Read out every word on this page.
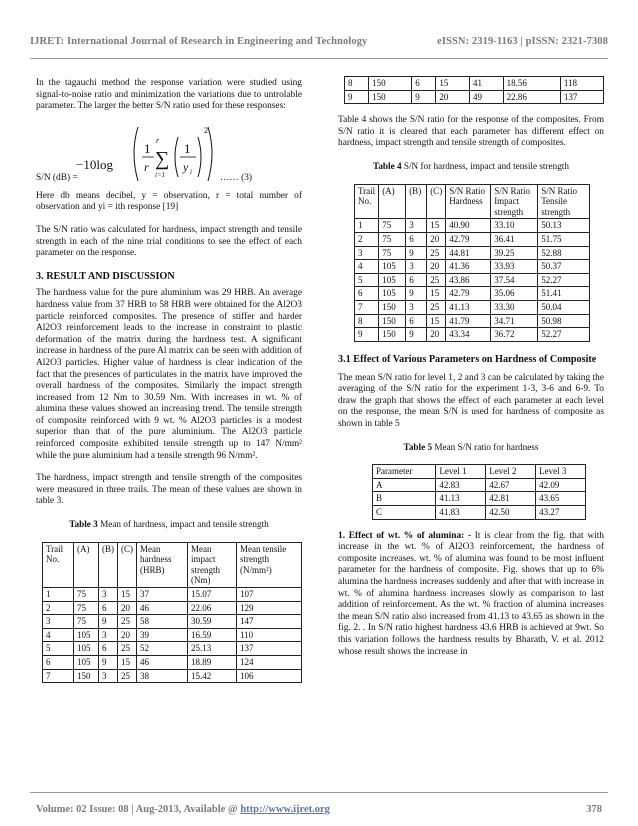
IJRET: International Journal of Research in Engineering and Technology	eISSN: 2319-1163 | pISSN: 2321-7308

In the tagauchi method the response variation were studied using signal-to-noise ratio and minimization the variations due to untrolable parameter. The larger the better S/N ratio used for these responses:

−10log
1
r
r
∑
i=1
1
y i
2
S/N (dB) =	…… (3)

Here db means decibel, y = observation, r = total number of observation and yi = ith response [19]

The S/N ratio was calculated for hardness, impact strength and tensile strength in each of the nine trial conditions to see the effect of each parameter on the response.

3. RESULT AND DISCUSSION

The hardness value for the pure aluminium was 29 HRB. An average hardness value from 37 HRB to 58 HRB were obtained for the Al2O3 particle reinforced composites. The presence of stiffer and harder Al2O3 reinforcement leads to the increase in constraint to plastic deformation of the matrix during the hardness test. A significant increase in hardness of the pure Al matrix can be seen with addition of Al2O3 particles. Higher value of hardness is clear indication of the fact that the presences of particulates in the matrix have improved the overall hardness of the composites. Similarly the impact strength increased from 12 Nm to 30.59 Nm. With increases in wt. % of alumina these values showed an increasing trend. The tensile strength of composite reinforced with 9 wt. % Al2O3 particles is a modest superior than that of the pure aluminium. The Al2O3 particle reinforced composite exhibited tensile strength up to 147 N/mm² while the pure aluminium had a tensile strength 96 N/mm².

The hardness, impact strength and tensile strength of the composites were measured in three trails. The mean of these values are shown in table 3.

Table 3 Mean of hardness, impact and tensile strength

Trail No.	(A)	(B)	(C)	Mean hardness (HRB)	Mean impact strength (Nm)	Mean tensile strength (N/mm²)
1	75	3	15	37	15.07	107
2	75	6	20	46	22.06	129
3	75	9	25	58	30.59	147
4	105	3	20	39	16.59	110
5	105	6	25	52	25.13	137
6	105	9	15	46	18.89	124
7	150	3	25	38	15.42	106
8	150	6	15	41	18.56	118
9	150	9	20	49	22.86	137

Table 4 shows the S/N ratio for the response of the composites. From S/N ratio it is cleared that each parameter has different effect on hardness, impact strength and tensile strength of composites.

Table 4 S/N for hardness, impact and tensile strength

Trail No.	(A)	(B)	(C)	S/N Ratio Hardness	S/N Ratio Impact strength	S/N Ratio Tensile strength
1	75	3	15	40.90	33.10	50.13
2	75	6	20	42.79	36.41	51.75
3	75	9	25	44.81	39.25	52.88
4	105	3	20	41.36	33.93	50.37
5	105	6	25	43.86	37.54	52.27
6	105	9	15	42.79	35.06	51.41
7	150	3	25	41.13	33.30	50.04
8	150	6	15	41.79	34.71	50.98
9	150	9	20	43.34	36.72	52.27

3.1 Effect of Various Parameters on Hardness of Composite

The mean S/N ratio for level 1, 2 and 3 can be calculated by taking the averaging of the S/N ratio for the experiment 1-3, 3-6 and 6-9. To draw the graph that shows the effect of each parameter at each level on the response, the mean S/N is used for hardness of composite as shown in table 5

Table 5 Mean S/N ratio for hardness

Parameter	Level 1	Level 2	Level 3
A	42.83	42.67	42.09
B	41.13	42.81	43.65
C	41.83	42.50	43.27

1. Effect of wt. % of alumina: - It is clear from the fig. that with increase in the wt. % of Al2O3 reinforcement, the hardness of composite increases. wt. % of alumina was found to be most influent parameter for the hardness of composite. Fig. shows that up to 6% alumina the hardness increases suddenly and after that with increase in wt. % of alumina hardness increases slowly as comparison to last addition of reinforcement. As the wt. % fraction of alumina increases the mean S/N ratio also increased from 41.13 to 43.65 as shown in the fig. 2. . In S/N ratio highest hardness 43.6 HRB is achieved at 9wt. So this variation follows the hardness results by Bharath, V. et al. 2012 whose result shows the increase in

Volume: 02 Issue: 08 | Aug-2013, Available @ http://www.ijret.org	378
